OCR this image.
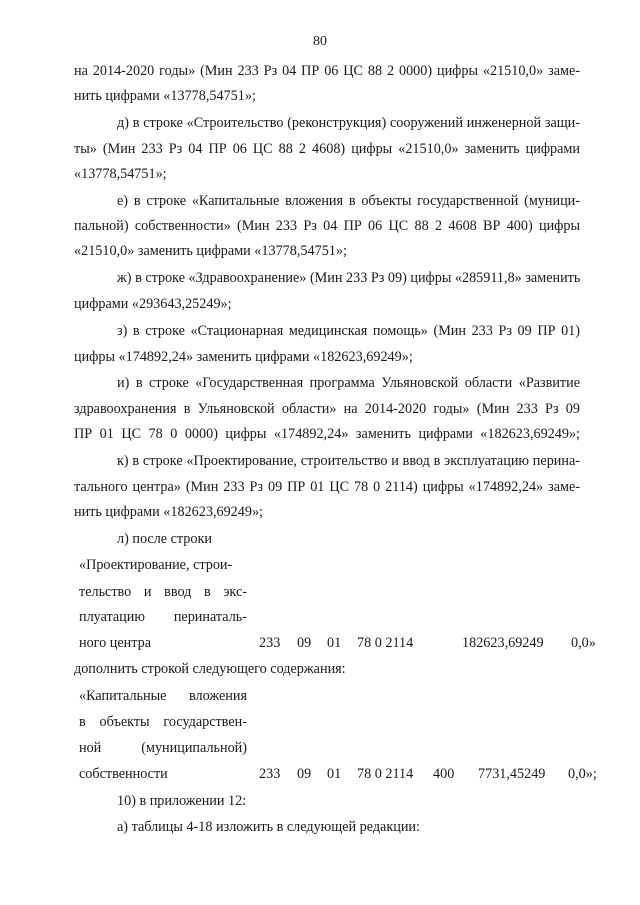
80
на 2014-2020 годы» (Мин 233 Рз 04 ПР 06 ЦС 88 2 0000) цифры «21510,0» заме-
нить цифрами «13778,54751»;
д) в строке «Строительство (реконструкция) сооружений инженерной защи-
ты» (Мин 233 Рз 04 ПР 06 ЦС 88 2 4608) цифры «21510,0» заменить цифрами
«13778,54751»;
е) в строке «Капитальные вложения в объекты государственной (муници-
пальной) собственности» (Мин 233 Рз 04 ПР 06 ЦС 88 2 4608 ВР 400) цифры
«21510,0» заменить цифрами «13778,54751»;
ж) в строке «Здравоохранение» (Мин 233 Рз 09) цифры «285911,8» заменить
цифрами «293643,25249»;
з) в строке «Стационарная медицинская помощь» (Мин 233 Рз 09 ПР 01)
цифры «174892,24» заменить цифрами «182623,69249»;
и) в строке «Государственная программа Ульяновской области «Развитие
здравоохранения в Ульяновской области» на 2014-2020 годы» (Мин 233 Рз 09
ПР 01 ЦС 78 0 0000) цифры «174892,24» заменить цифрами «182623,69249»;
к) в строке «Проектирование, строительство и ввод в эксплуатацию перина-
тального центра» (Мин 233 Рз 09 ПР 01 ЦС 78 0 2114) цифры «174892,24» заме-
нить цифрами «182623,69249»;
л) после строки
«Проектирование, строи-
тельство и ввод в экс-
плуатацию перинаталь-
ного центра	233 09 01 78 0 2114	182623,69249 0,0»
дополнить строкой следующего содержания:
«Капитальные вложения
в объекты государствен-
ной (муниципальной)
собственности	233 09 01 78 0 2114 400 7731,45249 0,0»;
10) в приложении 12:
а) таблицы 4-18 изложить в следующей редакции:
